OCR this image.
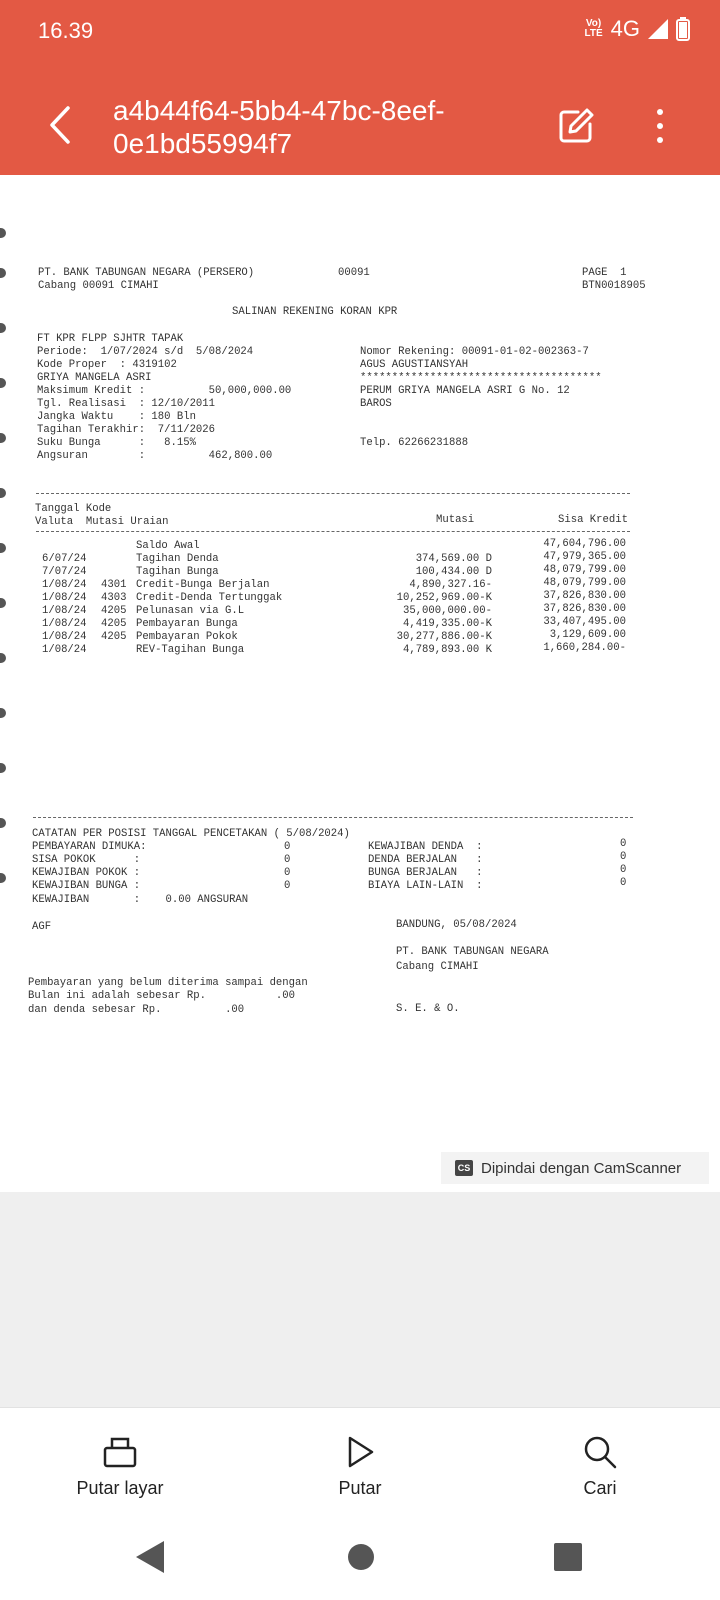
16.39	Vo)
LTE 4G
a4b44f64-5bb4-47bc-8eef-0e1bd55994f7
PT. BANK TABUNGAN NEGARA (PERSERO)
Cabang 00091 CIMAHI
00091	PAGE  1
BTN0018905
SALINAN REKENING KORAN KPR
FT KPR FLPP SJHTR TAPAK
Periode:  1/07/2024 s/d  5/08/2024
Kode Proper  : 4319102
GRIYA MANGELA ASRI
Maksimum Kredit :          50,000,000.00
Tgl. Realisasi  : 12/10/2011
Jangka Waktu    : 180 Bln
Tagihan Terakhir:  7/11/2026
Suku Bunga      :   8.15%
Angsuran        :          462,800.00
Nomor Rekening: 00091-01-02-002363-7
AGUS AGUSTIANSYAH
**************************************
PERUM GRIYA MANGELA ASRI G No. 12
BAROS
Telp. 62266231888
Tanggal Kode
Valuta  Mutasi Uraian	Mutasi	Sisa Kredit
Saldo Awal	47,604,796.00
6/07/24	Tagihan Denda	374,569.00 D	47,979,365.00
7/07/24	Tagihan Bunga	100,434.00 D	48,079,799.00
1/08/24 4301 Credit-Bunga Berjalan	4,890,327.16-	48,079,799.00
1/08/24 4303 Credit-Denda Tertunggak	10,252,969.00-K	37,826,830.00
1/08/24 4205 Pelunasan via G.L	35,000,000.00-	37,826,830.00
1/08/24 4205 Pembayaran Bunga	4,419,335.00-K	33,407,495.00
1/08/24 4205 Pembayaran Pokok	30,277,886.00-K	3,129,609.00
1/08/24	REV-Tagihan Bunga	4,789,893.00 K	1,660,284.00-
CATATAN PER POSISI TANGGAL PENCETAKAN ( 5/08/2024)
PEMBAYARAN DIMUKA:	0
SISA POKOK      :	0
KEWAJIBAN POKOK :	0
KEWAJIBAN BUNGA :	0
KEWAJIBAN DENDA  :	0
DENDA BERJALAN   :	0
BUNGA BERJALAN   :	0
BIAYA LAIN-LAIN  :	0
KEWAJIBAN       :    0.00 ANGSURAN
AGF	BANDUNG, 05/08/2024
PT. BANK TABUNGAN NEGARA
Cabang CIMAHI
S. E. & O.
Pembayaran yang belum diterima sampai dengan
Bulan ini adalah sebesar Rp.           .00
dan denda sebesar Rp.          .00
CS Dipindai dengan CamScanner
Putar layar	Putar	Cari
